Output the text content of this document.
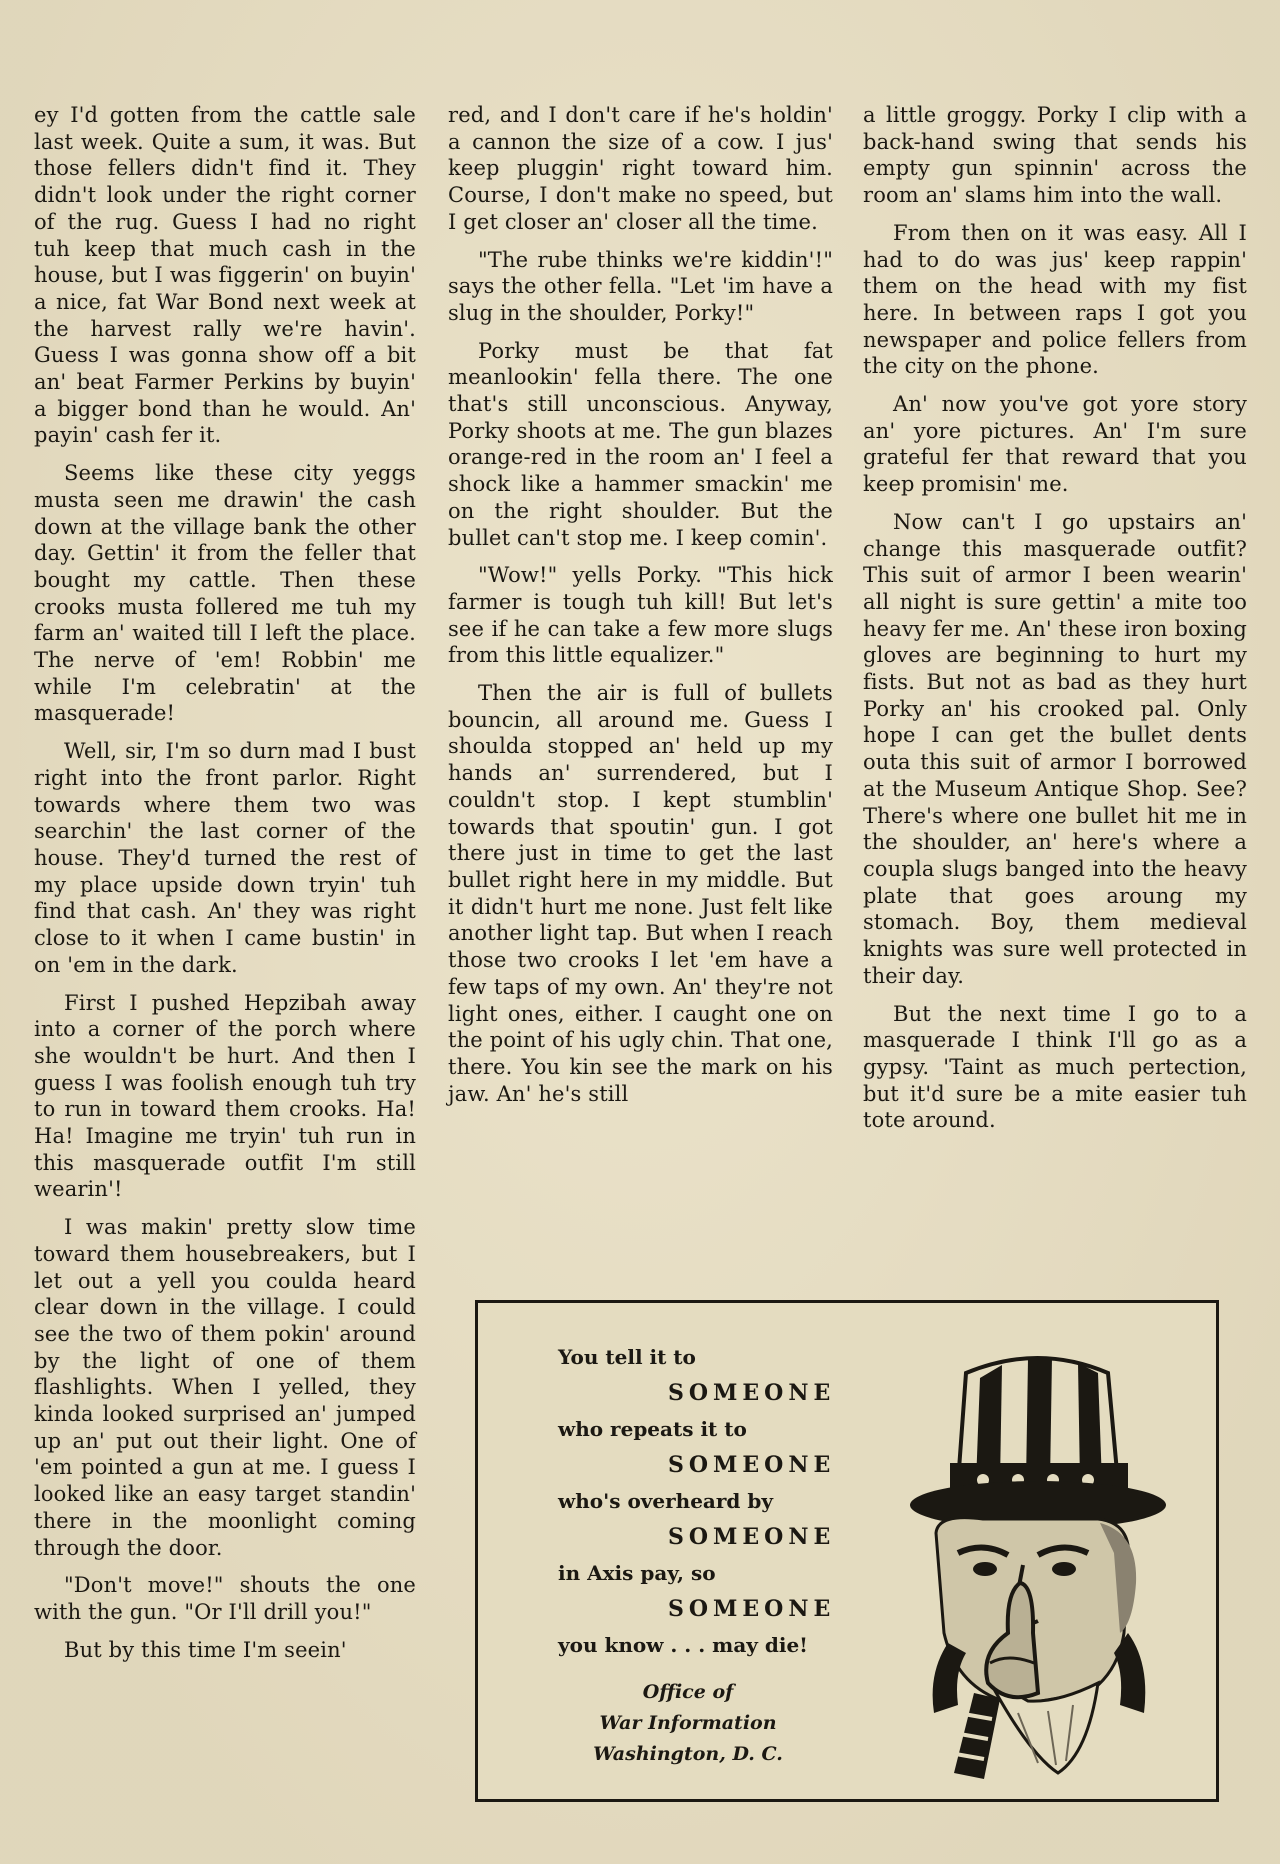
ey I'd gotten from the cattle sale last week. Quite a sum, it was. But those fellers didn't find it. They didn't look under the right corner of the rug. Guess I had no right tuh keep that much cash in the house, but I was figgerin' on buyin' a nice, fat War Bond next week at the harvest rally we're havin'. Guess I was gonna show off a bit an' beat Farmer Perkins by buyin' a bigger bond than he would. An' payin' cash fer it.

Seems like these city yeggs musta seen me drawin' the cash down at the village bank the other day. Gettin' it from the feller that bought my cattle. Then these crooks musta follered me tuh my farm an' waited till I left the place. The nerve of 'em! Robbin' me while I'm celebratin' at the masquerade!

Well, sir, I'm so durn mad I bust right into the front parlor. Right towards where them two was searchin' the last corner of the house. They'd turned the rest of my place upside down tryin' tuh find that cash. An' they was right close to it when I came bustin' in on 'em in the dark.

First I pushed Hepzibah away into a corner of the porch where she wouldn't be hurt. And then I guess I was foolish enough tuh try to run in toward them crooks. Ha! Ha! Imagine me tryin' tuh run in this masquerade outfit I'm still wearin'!

I was makin' pretty slow time toward them housebreakers, but I let out a yell you coulda heard clear down in the village. I could see the two of them pokin' around by the light of one of them flashlights. When I yelled, they kinda looked surprised an' jumped up an' put out their light. One of 'em pointed a gun at me. I guess I looked like an easy target standin' there in the moonlight coming through the door.

"Don't move!" shouts the one with the gun. "Or I'll drill you!"

But by this time I'm seein'

red, and I don't care if he's holdin' a cannon the size of a cow. I jus' keep pluggin' right toward him. Course, I don't make no speed, but I get closer an' closer all the time.

"The rube thinks we're kiddin'!" says the other fella. "Let 'im have a slug in the shoulder, Porky!"

Porky must be that fat meanlookin' fella there. The one that's still unconscious. Anyway, Porky shoots at me. The gun blazes orange-red in the room an' I feel a shock like a hammer smackin' me on the right shoulder. But the bullet can't stop me. I keep comin'.

"Wow!" yells Porky. "This hick farmer is tough tuh kill! But let's see if he can take a few more slugs from this little equalizer."

Then the air is full of bullets bouncin, all around me. Guess I shoulda stopped an' held up my hands an' surrendered, but I couldn't stop. I kept stumblin' towards that spoutin' gun. I got there just in time to get the last bullet right here in my middle. But it didn't hurt me none. Just felt like another light tap. But when I reach those two crooks I let 'em have a few taps of my own. An' they're not light ones, either. I caught one on the point of his ugly chin. That one, there. You kin see the mark on his jaw. An' he's still

a little groggy. Porky I clip with a back-hand swing that sends his empty gun spinnin' across the room an' slams him into the wall.

From then on it was easy. All I had to do was jus' keep rappin' them on the head with my fist here. In between raps I got you newspaper and police fellers from the city on the phone.

An' now you've got yore story an' yore pictures. An' I'm sure grateful fer that reward that you keep promisin' me.

Now can't I go upstairs an' change this masquerade outfit? This suit of armor I been wearin' all night is sure gettin' a mite too heavy fer me. An' these iron boxing gloves are beginning to hurt my fists. But not as bad as they hurt Porky an' his crooked pal. Only hope I can get the bullet dents outa this suit of armor I borrowed at the Museum Antique Shop. See? There's where one bullet hit me in the shoulder, an' here's where a coupla slugs banged into the heavy plate that goes aroung my stomach. Boy, them medieval knights was sure well protected in their day.

But the next time I go to a masquerade I think I'll go as a gypsy. 'Taint as much pertection, but it'd sure be a mite easier tuh tote around.

You tell it to
SOMEONE
who repeats it to
SOMEONE
who's overheard by
SOMEONE
in Axis pay, so
SOMEONE
you know . . . may die!
Office of
War Information
Washington, D. C.
